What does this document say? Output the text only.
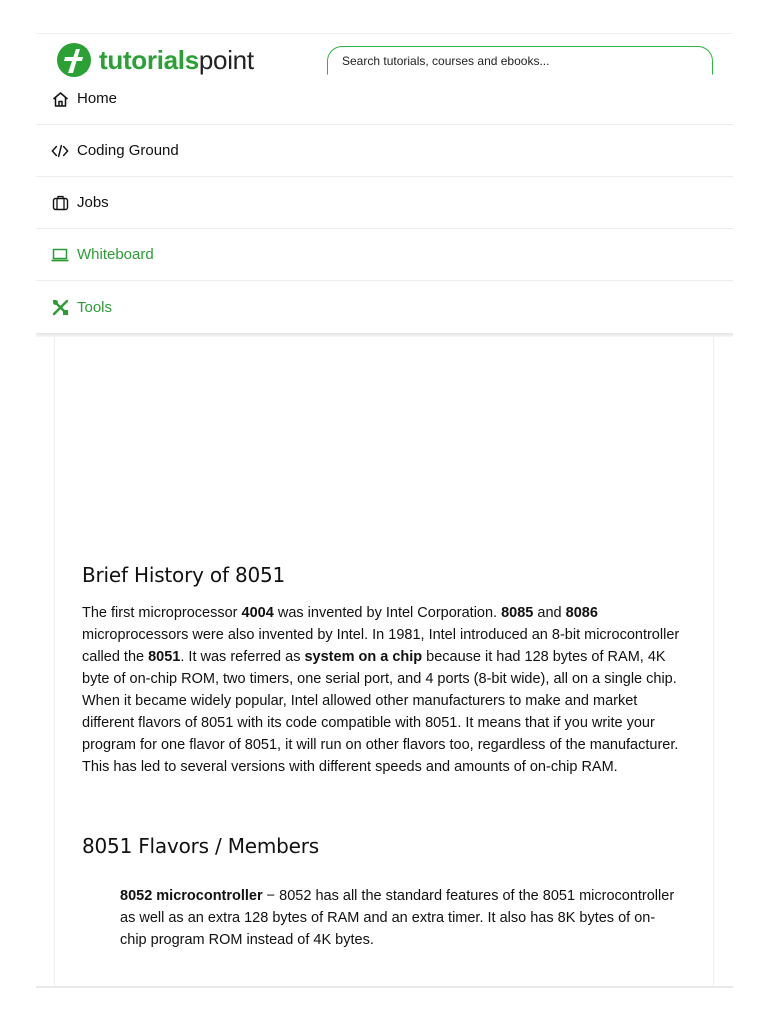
tutorialspoint
Search tutorials, courses and ebooks...
Home
Coding Ground
Jobs
Whiteboard
Tools
Brief History of 8051

The first microprocessor 4004 was invented by Intel Corporation. 8085 and 8086 microprocessors were also invented by Intel. In 1981, Intel introduced an 8-bit microcontroller called the 8051. It was referred as system on a chip because it had 128 bytes of RAM, 4K byte of on-chip ROM, two timers, one serial port, and 4 ports (8-bit wide), all on a single chip. When it became widely popular, Intel allowed other manufacturers to make and market different flavors of 8051 with its code compatible with 8051. It means that if you write your program for one flavor of 8051, it will run on other flavors too, regardless of the manufacturer. This has led to several versions with different speeds and amounts of on-chip RAM.

8051 Flavors / Members

8052 microcontroller − 8052 has all the standard features of the 8051 microcontroller as well as an extra 128 bytes of RAM and an extra timer. It also has 8K bytes of on-chip program ROM instead of 4K bytes.
